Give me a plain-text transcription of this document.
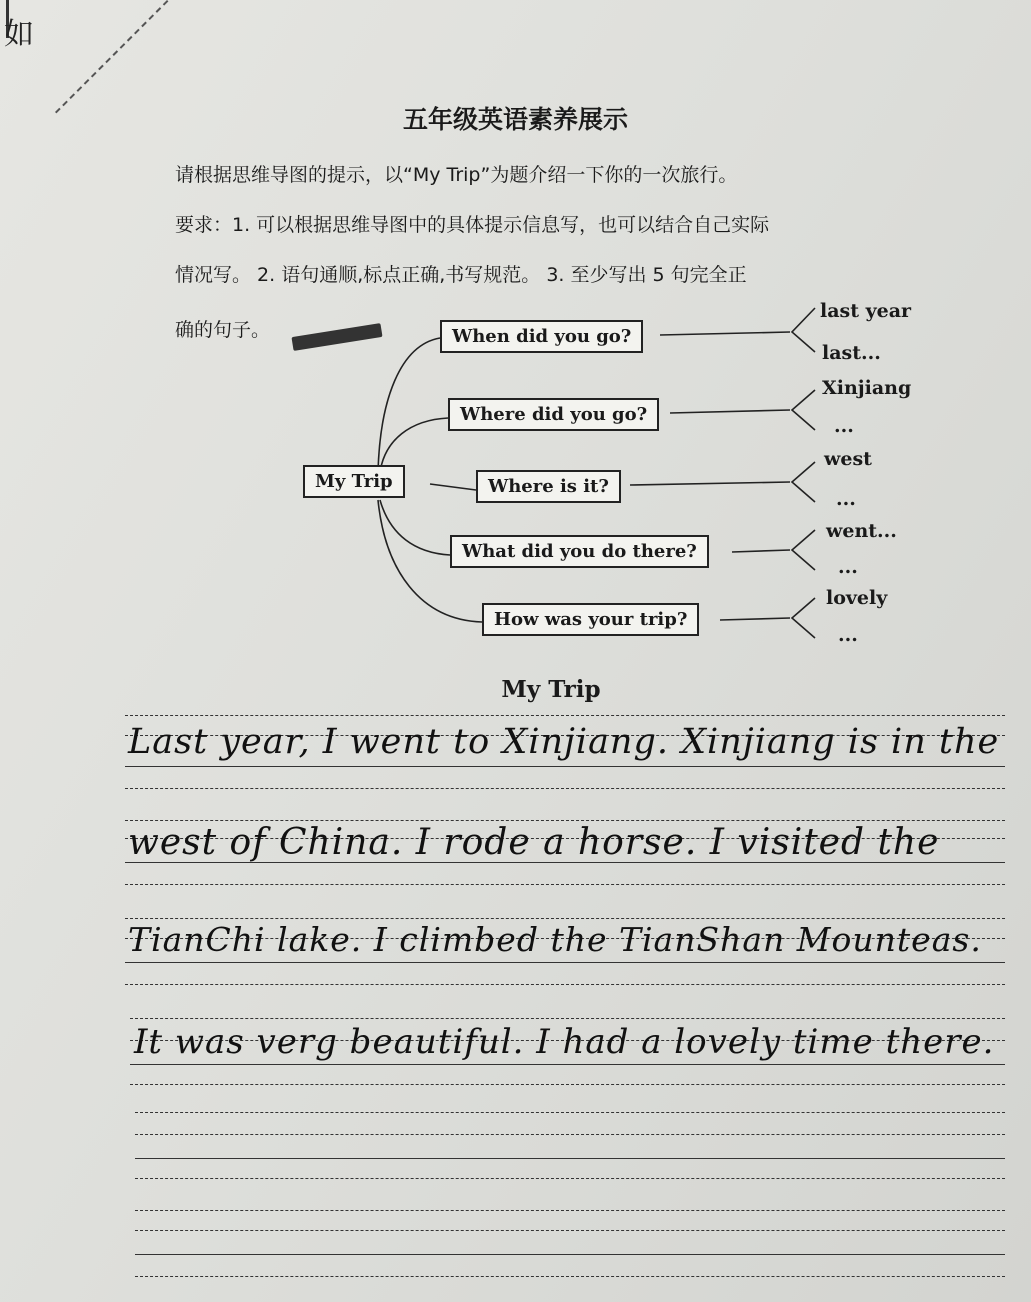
如
五年级英语素养展示
请根据思维导图的提示，以“My Trip”为题介绍一下你的一次旅行。
要求：1. 可以根据思维导图中的具体提示信息写，也可以结合自己实际
情况写。 2. 语句通顺,标点正确,书写规范。 3. 至少写出 5 句完全正
确的句子。
My Trip
When did you go?
Where did you go?
Where is it?
What did you do there?
How was your trip?
last year
last...
Xinjiang
...
west
...
went...
...
lovely
...
My Trip
Last year, I went to Xinjiang. Xinjiang is in the
west of China. I rode a horse. I visited the
TianChi lake. I climbed the TianShan Mounteas.
It was verg beautiful. I had a lovely time there.
